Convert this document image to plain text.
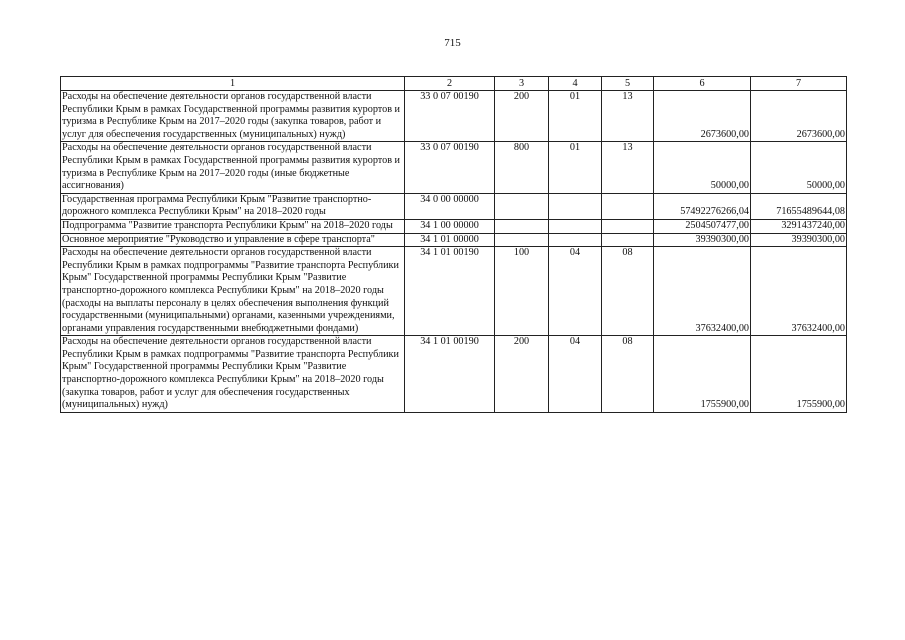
715
1	2	3	4	5	6	7
Расходы на обеспечение деятельности органов государственной власти Республики Крым в рамках Государственной программы развития курортов и туризма в Республике Крым на 2017–2020 годы (закупка товаров, работ и услуг для обеспечения государственных (муниципальных) нужд)	33 0 07 00190	200	01	13	2673600,00	2673600,00
Расходы на обеспечение деятельности органов государственной власти Республики Крым в рамках Государственной программы развития курортов и туризма в Республике Крым на 2017–2020 годы (иные бюджетные ассигнования)	33 0 07 00190	800	01	13	50000,00	50000,00
Государственная программа Республики Крым "Развитие транспортно-дорожного комплекса Республики Крым" на 2018–2020 годы	34 0 00 00000				57492276266,04	71655489644,08
Подпрограмма "Развитие транспорта Республики Крым" на 2018–2020 годы	34 1 00 00000				2504507477,00	3291437240,00
Основное мероприятие "Руководство и управление в сфере транспорта"	34 1 01 00000				39390300,00	39390300,00
Расходы на обеспечение деятельности органов государственной власти Республики Крым в рамках подпрограммы "Развитие транспорта Республики Крым" Государственной программы Республики Крым "Развитие транспортно-дорожного комплекса Республики Крым" на 2018–2020 годы (расходы на выплаты персоналу в целях обеспечения выполнения функций государственными (муниципальными) органами, казенными учреждениями, органами управления государственными внебюджетными фондами)	34 1 01 00190	100	04	08	37632400,00	37632400,00
Расходы на обеспечение деятельности органов государственной власти Республики Крым в рамках подпрограммы "Развитие транспорта Республики Крым" Государственной программы Республики Крым "Развитие транспортно-дорожного комплекса Республики Крым" на 2018–2020 годы (закупка товаров, работ и услуг для обеспечения государственных (муниципальных) нужд)	34 1 01 00190	200	04	08	1755900,00	1755900,00
